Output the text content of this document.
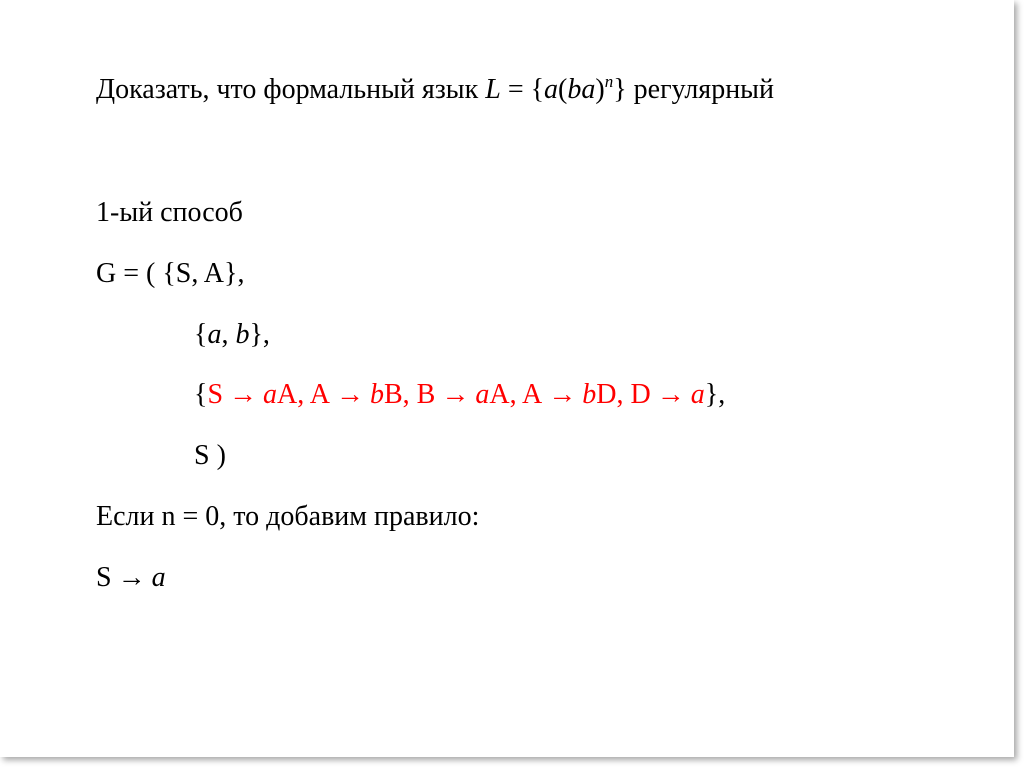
Доказать, что формальный язык L = {a(ba)$^n$} регулярный
1-ый способ
G = ( {S, A},
{a, b},
{S → aA, A → bB, B → aA, A → bD, D → a},
S )
Если n = 0, то добавим правило:
S → a
